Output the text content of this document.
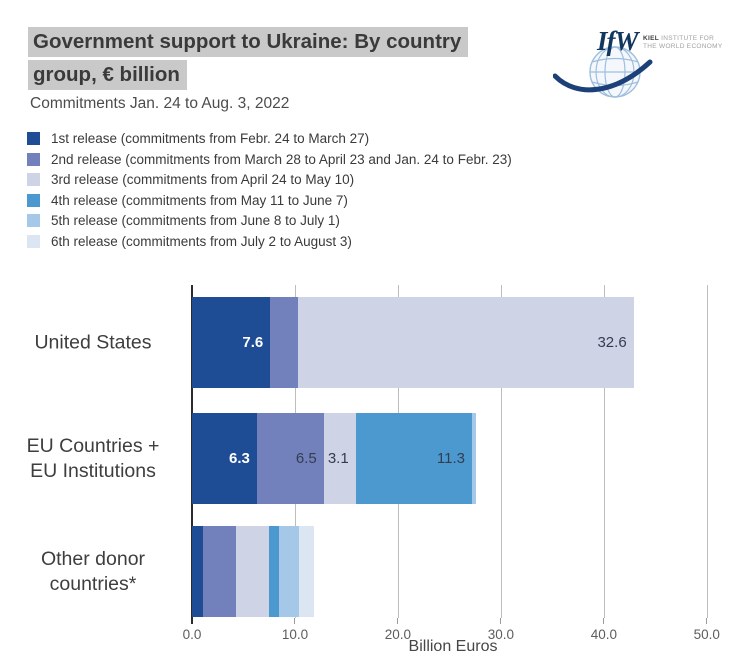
Government support to Ukraine: By country
group, € billion
Commitments Jan. 24 to Aug. 3, 2022
IfW KIEL INSTITUTE FOR
THE WORLD ECONOMY
1st release (commitments from Febr. 24 to March 27)
2nd release (commitments from March 28 to April 23 and Jan. 24 to Febr. 23)
3rd release (commitments from April 24 to May 10)
4th release (commitments from May 11 to June 7)
5th release (commitments from June 8 to July 1)
6th release (commitments from July 2 to August 3)
United States
EU Countries +
EU Institutions
Other donor
countries*
0.0	10.0	20.0	30.0	40.0	50.0
7.6	32.6
6.3	6.5 3.1	11.3
Billion Euros
